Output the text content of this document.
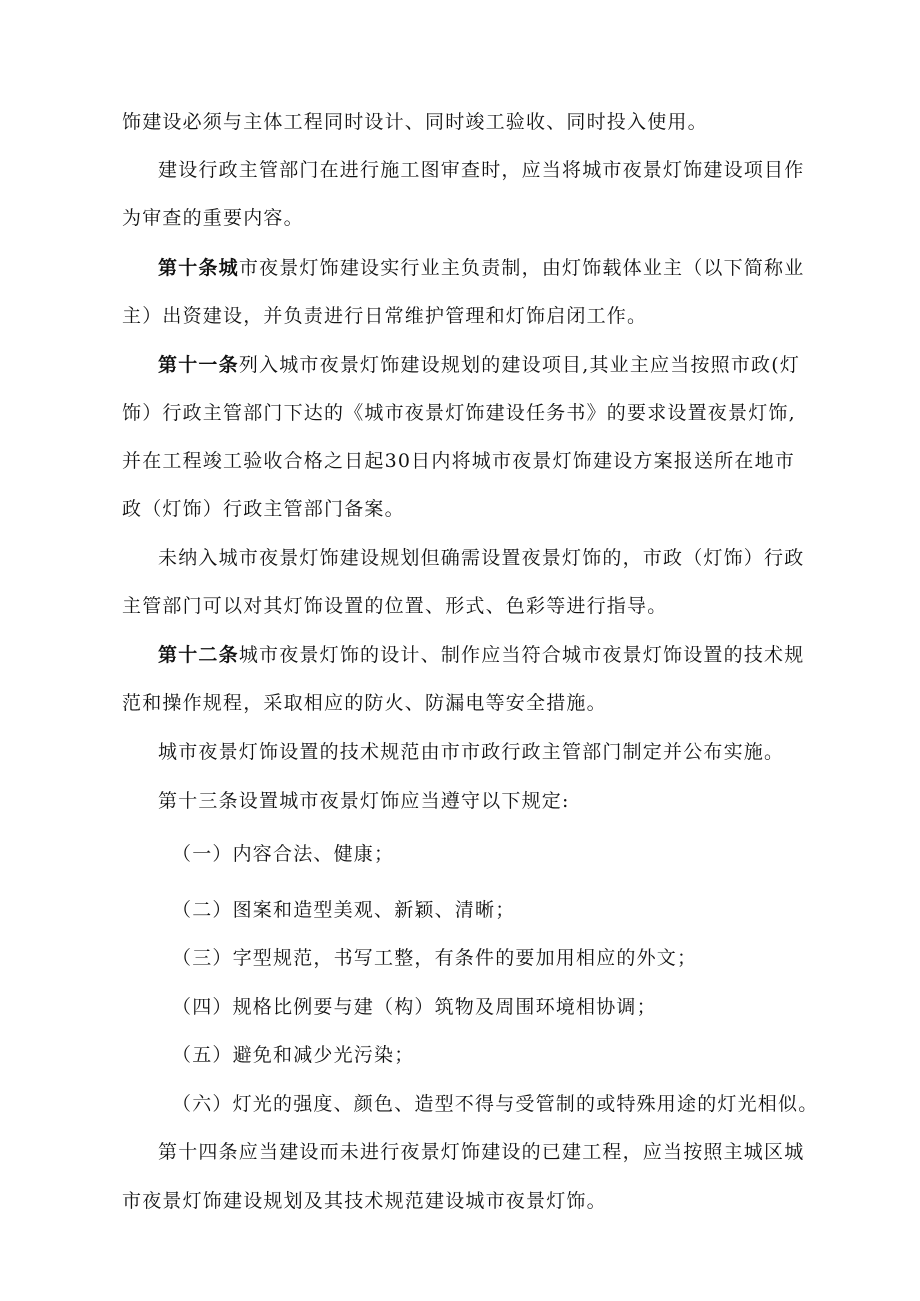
饰建设必须与主体工程同时设计、同时竣工验收、同时投入使用。
建设行政主管部门在进行施工图审查时，应当将城市夜景灯饰建设项目作
为审查的重要内容。
第十条城市夜景灯饰建设实行业主负责制，由灯饰载体业主（以下简称业
主）出资建设，并负责进行日常维护管理和灯饰启闭工作。
第十一条列入城市夜景灯饰建设规划的建设项目,其业主应当按照市政(灯
饰）行政主管部门下达的《城市夜景灯饰建设任务书》的要求设置夜景灯饰,
并在工程竣工验收合格之日起30日内将城市夜景灯饰建设方案报送所在地市
政（灯饰）行政主管部门备案。
未纳入城市夜景灯饰建设规划但确需设置夜景灯饰的，市政（灯饰）行政
主管部门可以对其灯饰设置的位置、形式、色彩等进行指导。
第十二条城市夜景灯饰的设计、制作应当符合城市夜景灯饰设置的技术规
范和操作规程，采取相应的防火、防漏电等安全措施。
城市夜景灯饰设置的技术规范由市市政行政主管部门制定并公布实施。
第十三条设置城市夜景灯饰应当遵守以下规定:
（一）内容合法、健康；
（二）图案和造型美观、新颖、清晰；
（三）字型规范，书写工整，有条件的要加用相应的外文；
（四）规格比例要与建（构）筑物及周围环境相协调；
（五）避免和减少光污染；
（六）灯光的强度、颜色、造型不得与受管制的或特殊用途的灯光相似。
第十四条应当建设而未进行夜景灯饰建设的已建工程，应当按照主城区城
市夜景灯饰建设规划及其技术规范建设城市夜景灯饰。
